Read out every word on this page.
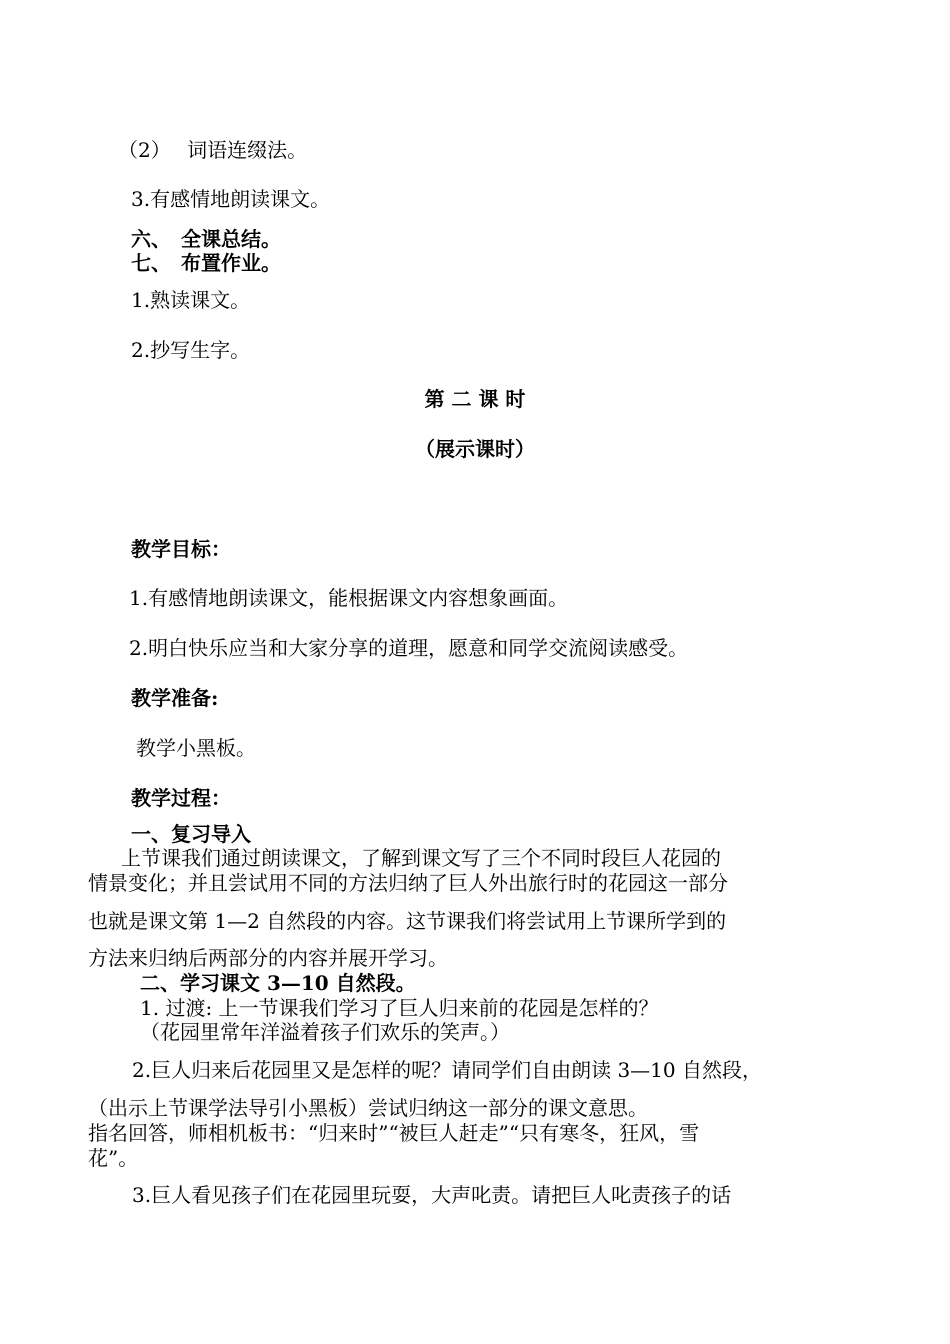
（2）　 词语连缀法。
3.有感情地朗读课文。
六、　全课总结。
七、　布置作业。
1.熟读课文。
2.抄写生字。
第 二 课 时
（展示课时）
教学目标：
1.有感情地朗读课文，能根据课文内容想象画面。
2.明白快乐应当和大家分享的道理，愿意和同学交流阅读感受。
教学准备:
教学小黑板。
教学过程：
一、复习导入
上节课我们通过朗读课文，了解到课文写了三个不同时段巨人花园的
情景变化；并且尝试用不同的方法归纳了巨人外出旅行时的花园这一部分
也就是课文第 1—2 自然段的内容。这节课我们将尝试用上节课所学到的
方法来归纳后两部分的内容并展开学习。
二、学习课文 3—10 自然段。
1. 过渡: 上一节课我们学习了巨人归来前的花园是怎样的？
（花园里常年洋溢着孩子们欢乐的笑声。）
2.巨人归来后花园里又是怎样的呢？请同学们自由朗读 3—10 自然段，
（出示上节课学法导引小黑板）尝试归纳这一部分的课文意思。
指名回答，师相机板书：“归来时”“被巨人赶走”“只有寒冬，狂风，雪
花”。
3.巨人看见孩子们在花园里玩耍，大声叱责。请把巨人叱责孩子的话
